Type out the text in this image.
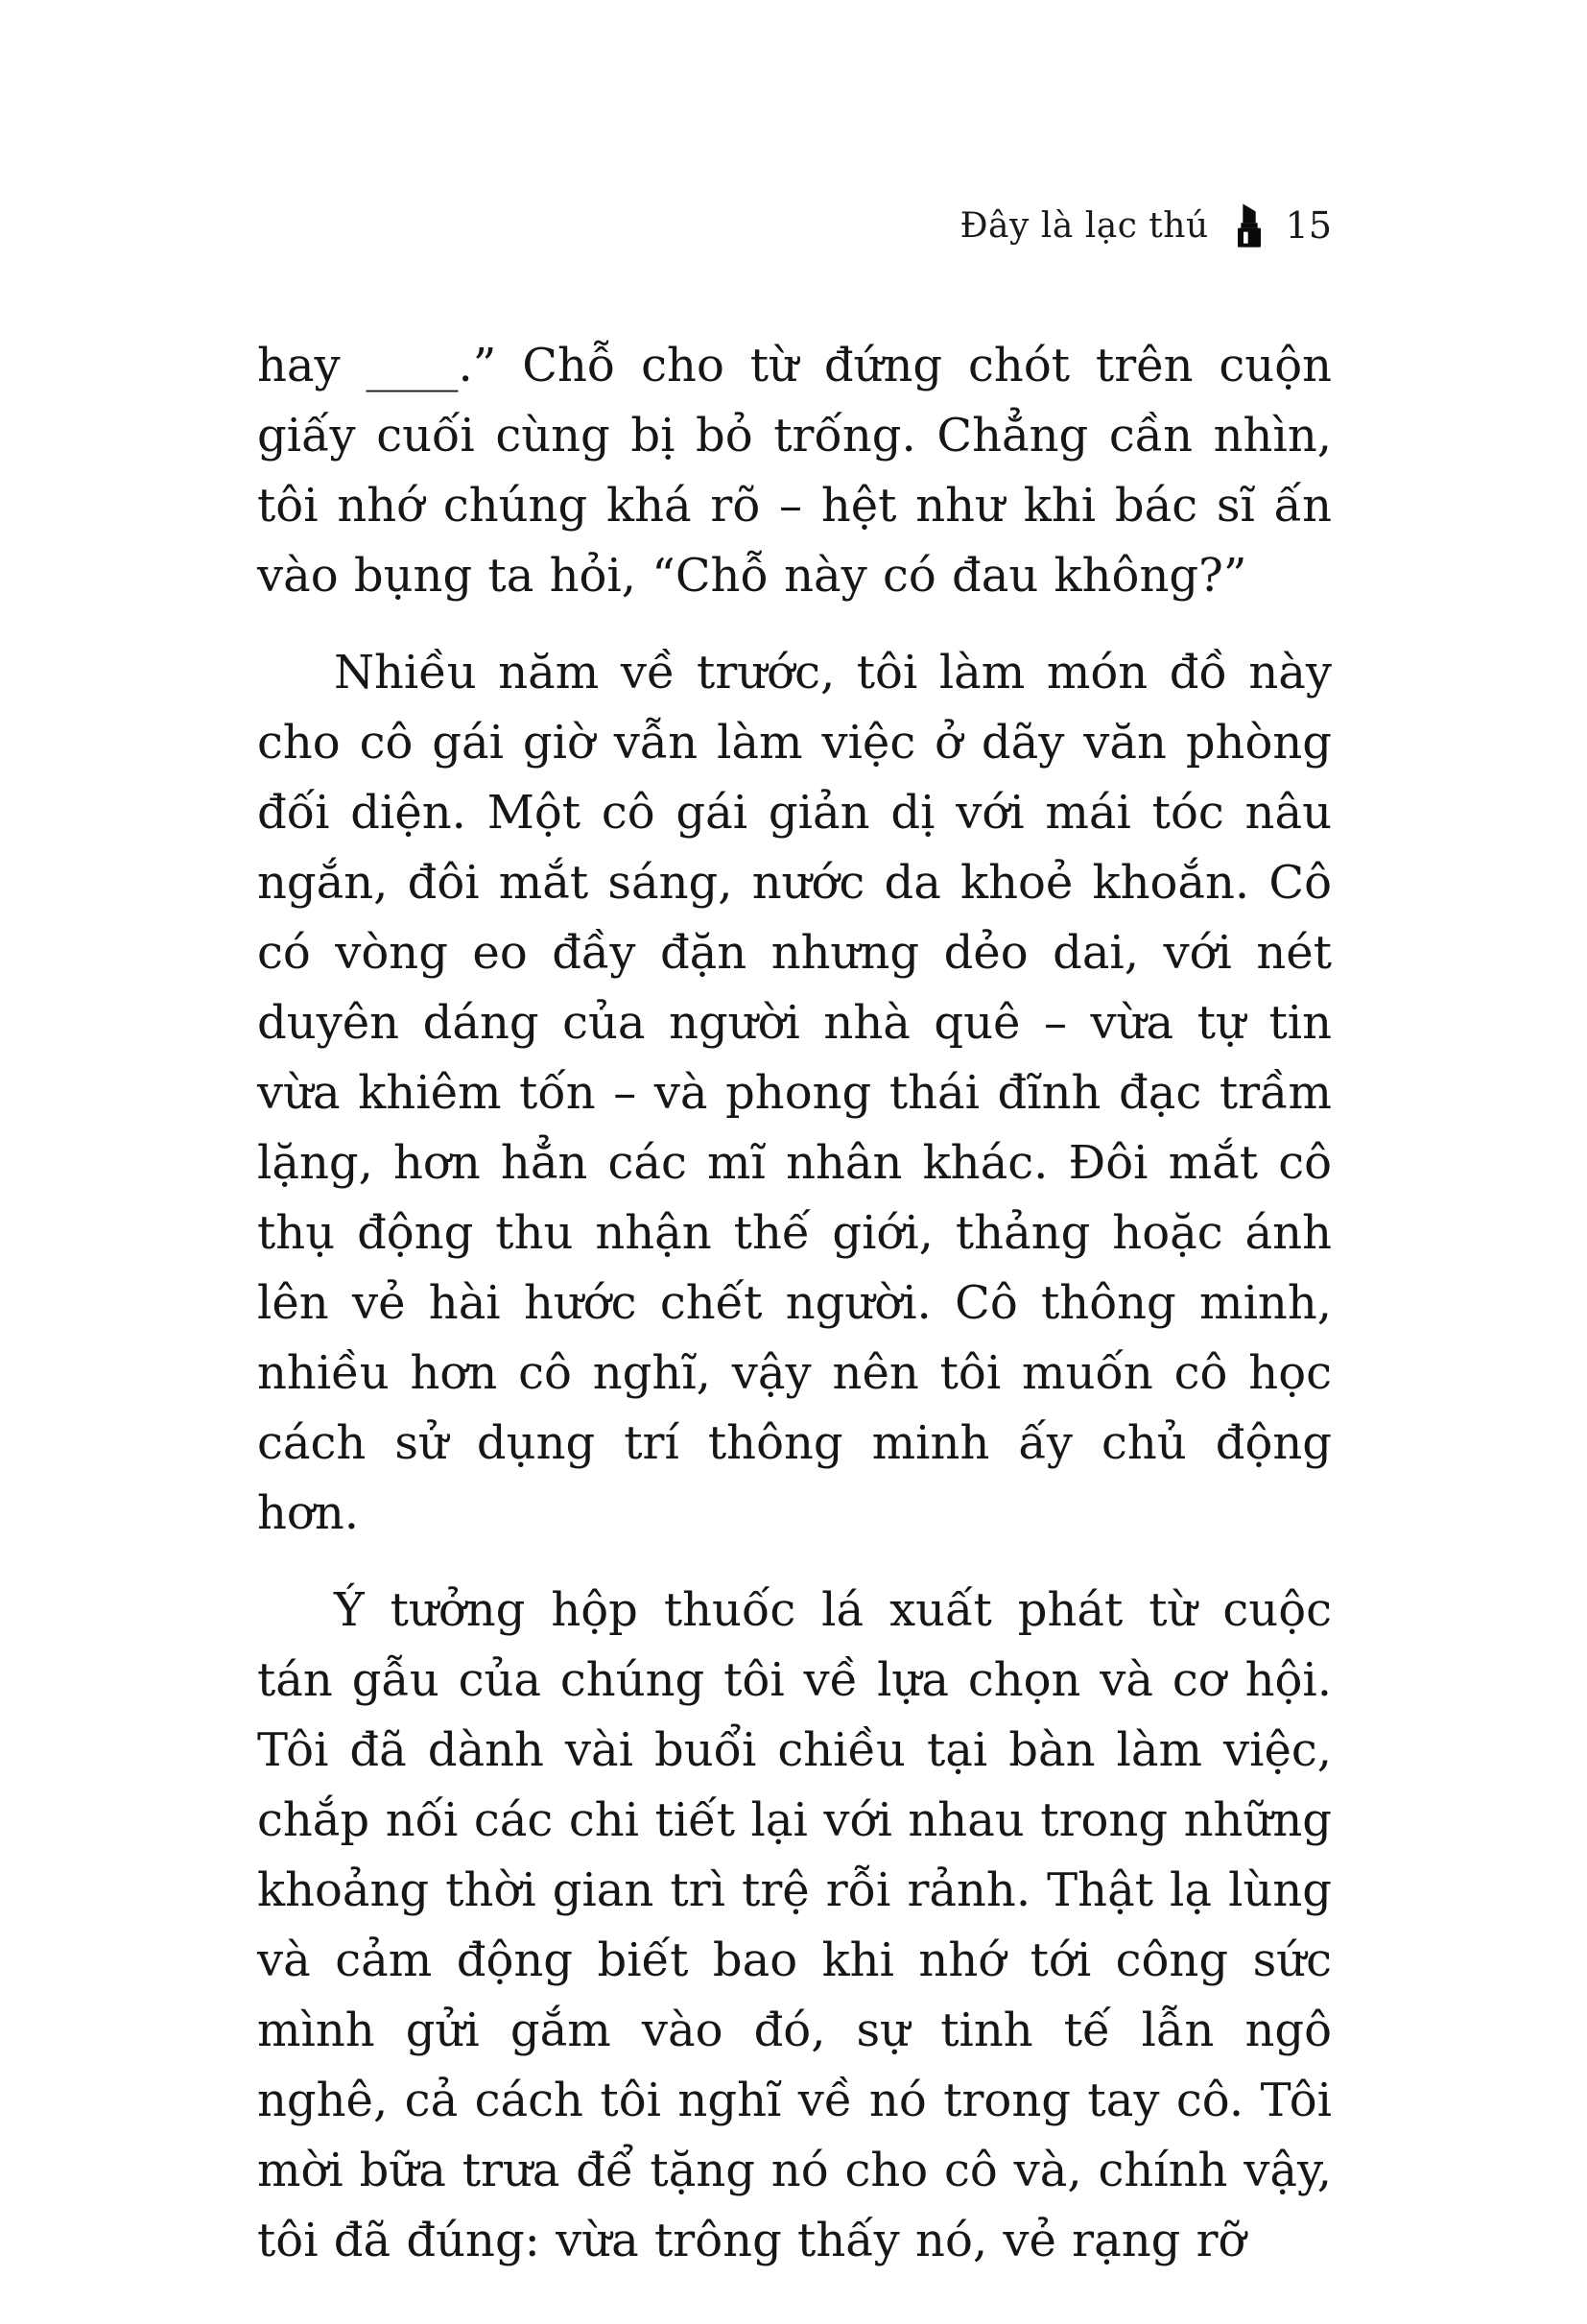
Đây là lạc thú 15

hay ____.” Chỗ cho từ đứng chót trên cuộn giấy cuối cùng bị bỏ trống. Chẳng cần nhìn, tôi nhớ chúng khá rõ – hệt như khi bác sĩ ấn vào bụng ta hỏi, “Chỗ này có đau không?”

Nhiều năm về trước, tôi làm món đồ này cho cô gái giờ vẫn làm việc ở dãy văn phòng đối diện. Một cô gái giản dị với mái tóc nâu ngắn, đôi mắt sáng, nước da khoẻ khoắn. Cô có vòng eo đầy đặn nhưng dẻo dai, với nét duyên dáng của người nhà quê – vừa tự tin vừa khiêm tốn – và phong thái đĩnh đạc trầm lặng, hơn hẳn các mĩ nhân khác. Đôi mắt cô thụ động thu nhận thế giới, thảng hoặc ánh lên vẻ hài hước chết người. Cô thông minh, nhiều hơn cô nghĩ, vậy nên tôi muốn cô học cách sử dụng trí thông minh ấy chủ động hơn.

Ý tưởng hộp thuốc lá xuất phát từ cuộc tán gẫu của chúng tôi về lựa chọn và cơ hội. Tôi đã dành vài buổi chiều tại bàn làm việc, chắp nối các chi tiết lại với nhau trong những khoảng thời gian trì trệ rỗi rảnh. Thật lạ lùng và cảm động biết bao khi nhớ tới công sức mình gửi gắm vào đó, sự tinh tế lẫn ngô nghê, cả cách tôi nghĩ về nó trong tay cô. Tôi mời bữa trưa để tặng nó cho cô và, chính vậy, tôi đã đúng: vừa trông thấy nó, vẻ rạng rỡ
